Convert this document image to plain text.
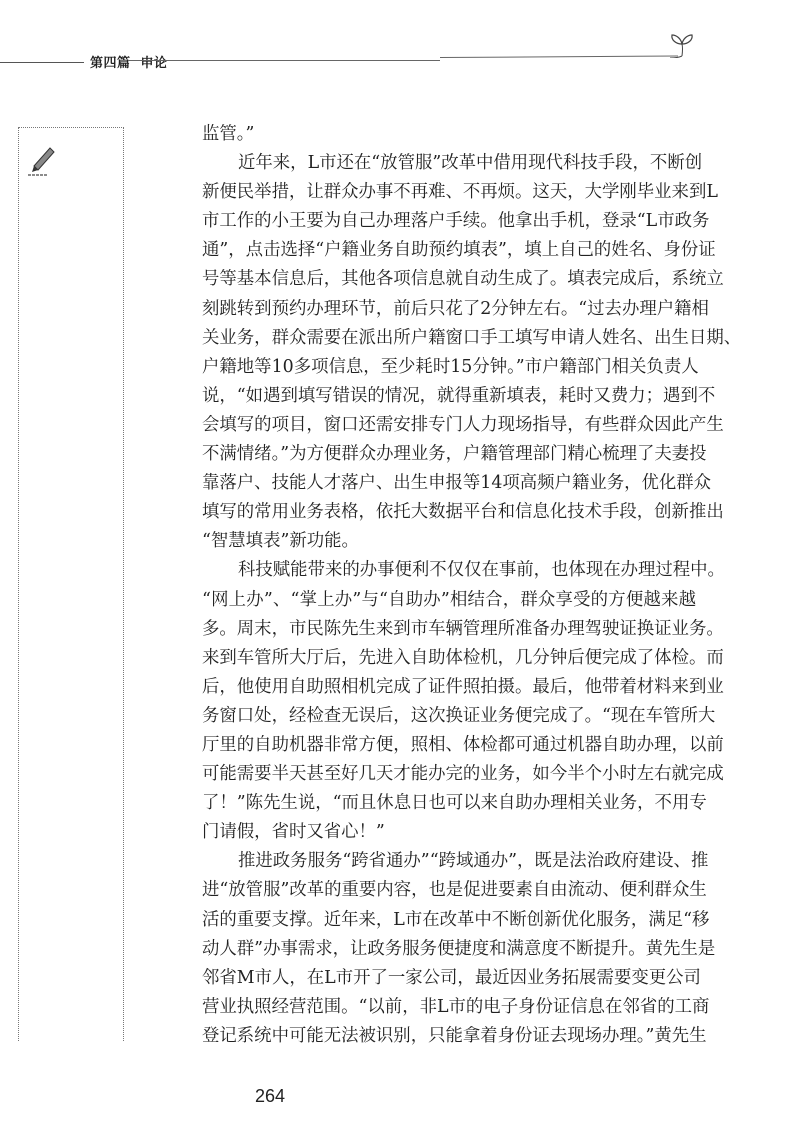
第四篇 申论
监管。”
近年来，L市还在“放管服”改革中借用现代科技手段，不断创
新便民举措，让群众办事不再难、不再烦。这天，大学刚毕业来到L
市工作的小王要为自己办理落户手续。他拿出手机，登录“L市政务
通”，点击选择“户籍业务自助预约填表”，填上自己的姓名、身份证
号等基本信息后，其他各项信息就自动生成了。填表完成后，系统立
刻跳转到预约办理环节，前后只花了2分钟左右。“过去办理户籍相
关业务，群众需要在派出所户籍窗口手工填写申请人姓名、出生日期、
户籍地等10多项信息，至少耗时15分钟。”市户籍部门相关负责人
说，“如遇到填写错误的情况，就得重新填表，耗时又费力；遇到不
会填写的项目，窗口还需安排专门人力现场指导，有些群众因此产生
不满情绪。”为方便群众办理业务，户籍管理部门精心梳理了夫妻投
靠落户、技能人才落户、出生申报等14项高频户籍业务，优化群众
填写的常用业务表格，依托大数据平台和信息化技术手段，创新推出
“智慧填表”新功能。
科技赋能带来的办事便利不仅仅在事前，也体现在办理过程中。
“网上办”、“掌上办”与“自助办”相结合，群众享受的方便越来越
多。周末，市民陈先生来到市车辆管理所准备办理驾驶证换证业务。
来到车管所大厅后，先进入自助体检机，几分钟后便完成了体检。而
后，他使用自助照相机完成了证件照拍摄。最后，他带着材料来到业
务窗口处，经检查无误后，这次换证业务便完成了。“现在车管所大
厅里的自助机器非常方便，照相、体检都可通过机器自助办理，以前
可能需要半天甚至好几天才能办完的业务，如今半个小时左右就完成
了！”陈先生说，“而且休息日也可以来自助办理相关业务，不用专
门请假，省时又省心！”
推进政务服务“跨省通办”“跨域通办”，既是法治政府建设、推
进“放管服”改革的重要内容，也是促进要素自由流动、便利群众生
活的重要支撑。近年来，L市在改革中不断创新优化服务，满足“移
动人群”办事需求，让政务服务便捷度和满意度不断提升。黄先生是
邻省M市人，在L市开了一家公司，最近因业务拓展需要变更公司
营业执照经营范围。“以前，非L市的电子身份证信息在邻省的工商
登记系统中可能无法被识别，只能拿着身份证去现场办理。”黄先生
264
